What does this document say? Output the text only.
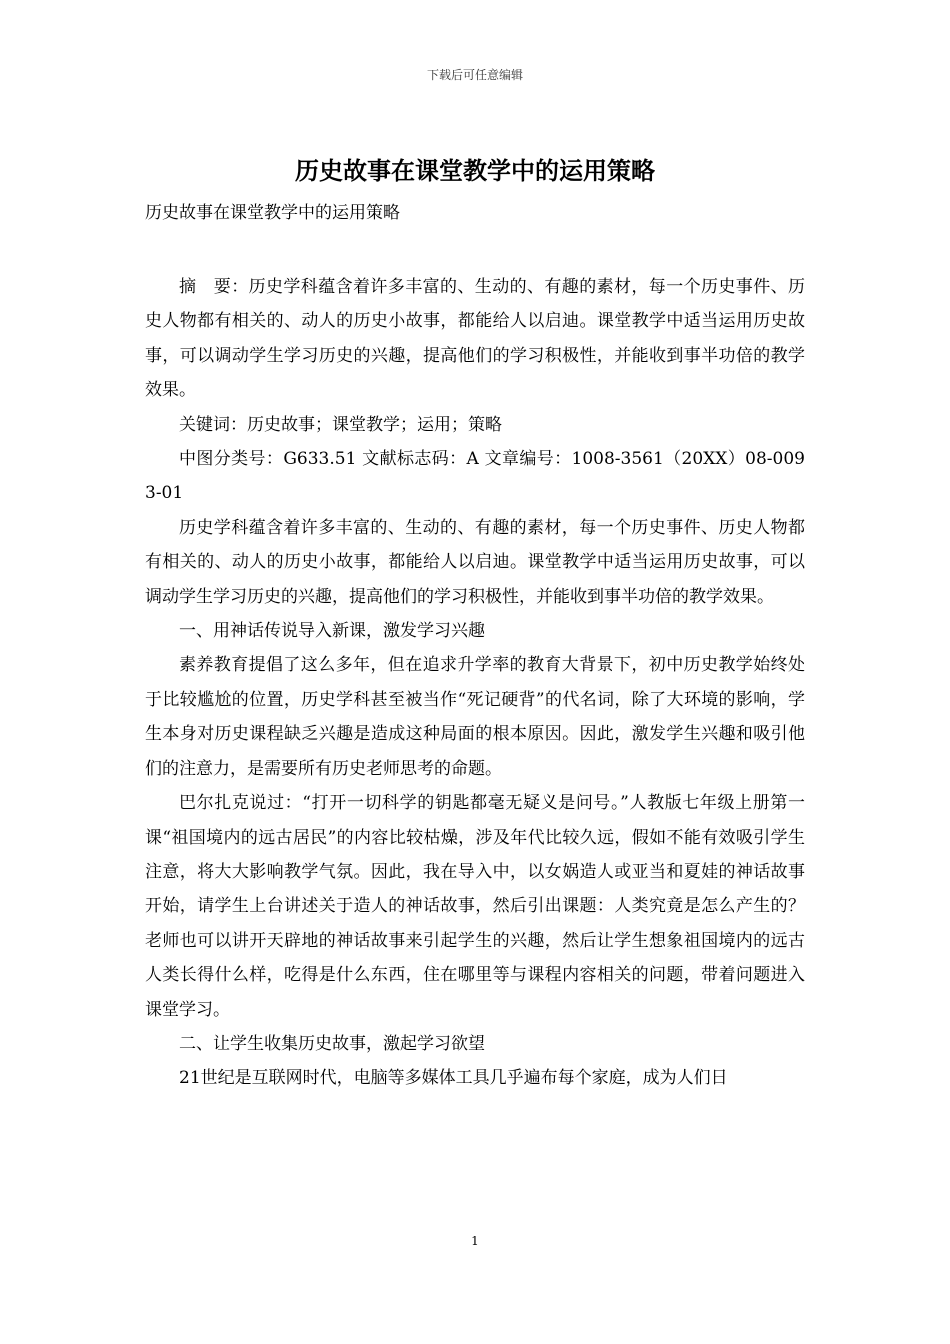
下载后可任意编辑
历史故事在课堂教学中的运用策略
历史故事在课堂教学中的运用策略

摘　要：历史学科蕴含着许多丰富的、生动的、有趣的素材，每一个历史事件、历史人物都有相关的、动人的历史小故事，都能给人以启迪。课堂教学中适当运用历史故事，可以调动学生学习历史的兴趣，提高他们的学习积极性，并能收到事半功倍的教学效果。

关键词：历史故事；课堂教学；运用；策略

中图分类号：G633.51 文献标志码：A 文章编号：1008-3561（20XX）08-0093-01

历史学科蕴含着许多丰富的、生动的、有趣的素材，每一个历史事件、历史人物都有相关的、动人的历史小故事，都能给人以启迪。课堂教学中适当运用历史故事，可以调动学生学习历史的兴趣，提高他们的学习积极性，并能收到事半功倍的教学效果。

一、用神话传说导入新课，激发学习兴趣

素养教育提倡了这么多年，但在追求升学率的教育大背景下，初中历史教学始终处于比较尴尬的位置，历史学科甚至被当作“死记硬背”的代名词，除了大环境的影响，学生本身对历史课程缺乏兴趣是造成这种局面的根本原因。因此，激发学生兴趣和吸引他们的注意力，是需要所有历史老师思考的命题。

巴尔扎克说过：“打开一切科学的钥匙都毫无疑义是问号。”人教版七年级上册第一课“祖国境内的远古居民”的内容比较枯燥，涉及年代比较久远，假如不能有效吸引学生注意，将大大影响教学气氛。因此，我在导入中，以女娲造人或亚当和夏娃的神话故事开始，请学生上台讲述关于造人的神话故事，然后引出课题：人类究竟是怎么产生的？老师也可以讲开天辟地的神话故事来引起学生的兴趣，然后让学生想象祖国境内的远古人类长得什么样，吃得是什么东西，住在哪里等与课程内容相关的问题，带着问题进入课堂学习。

二、让学生收集历史故事，激起学习欲望

21世纪是互联网时代，电脑等多媒体工具几乎遍布每个家庭，成为人们日

1
